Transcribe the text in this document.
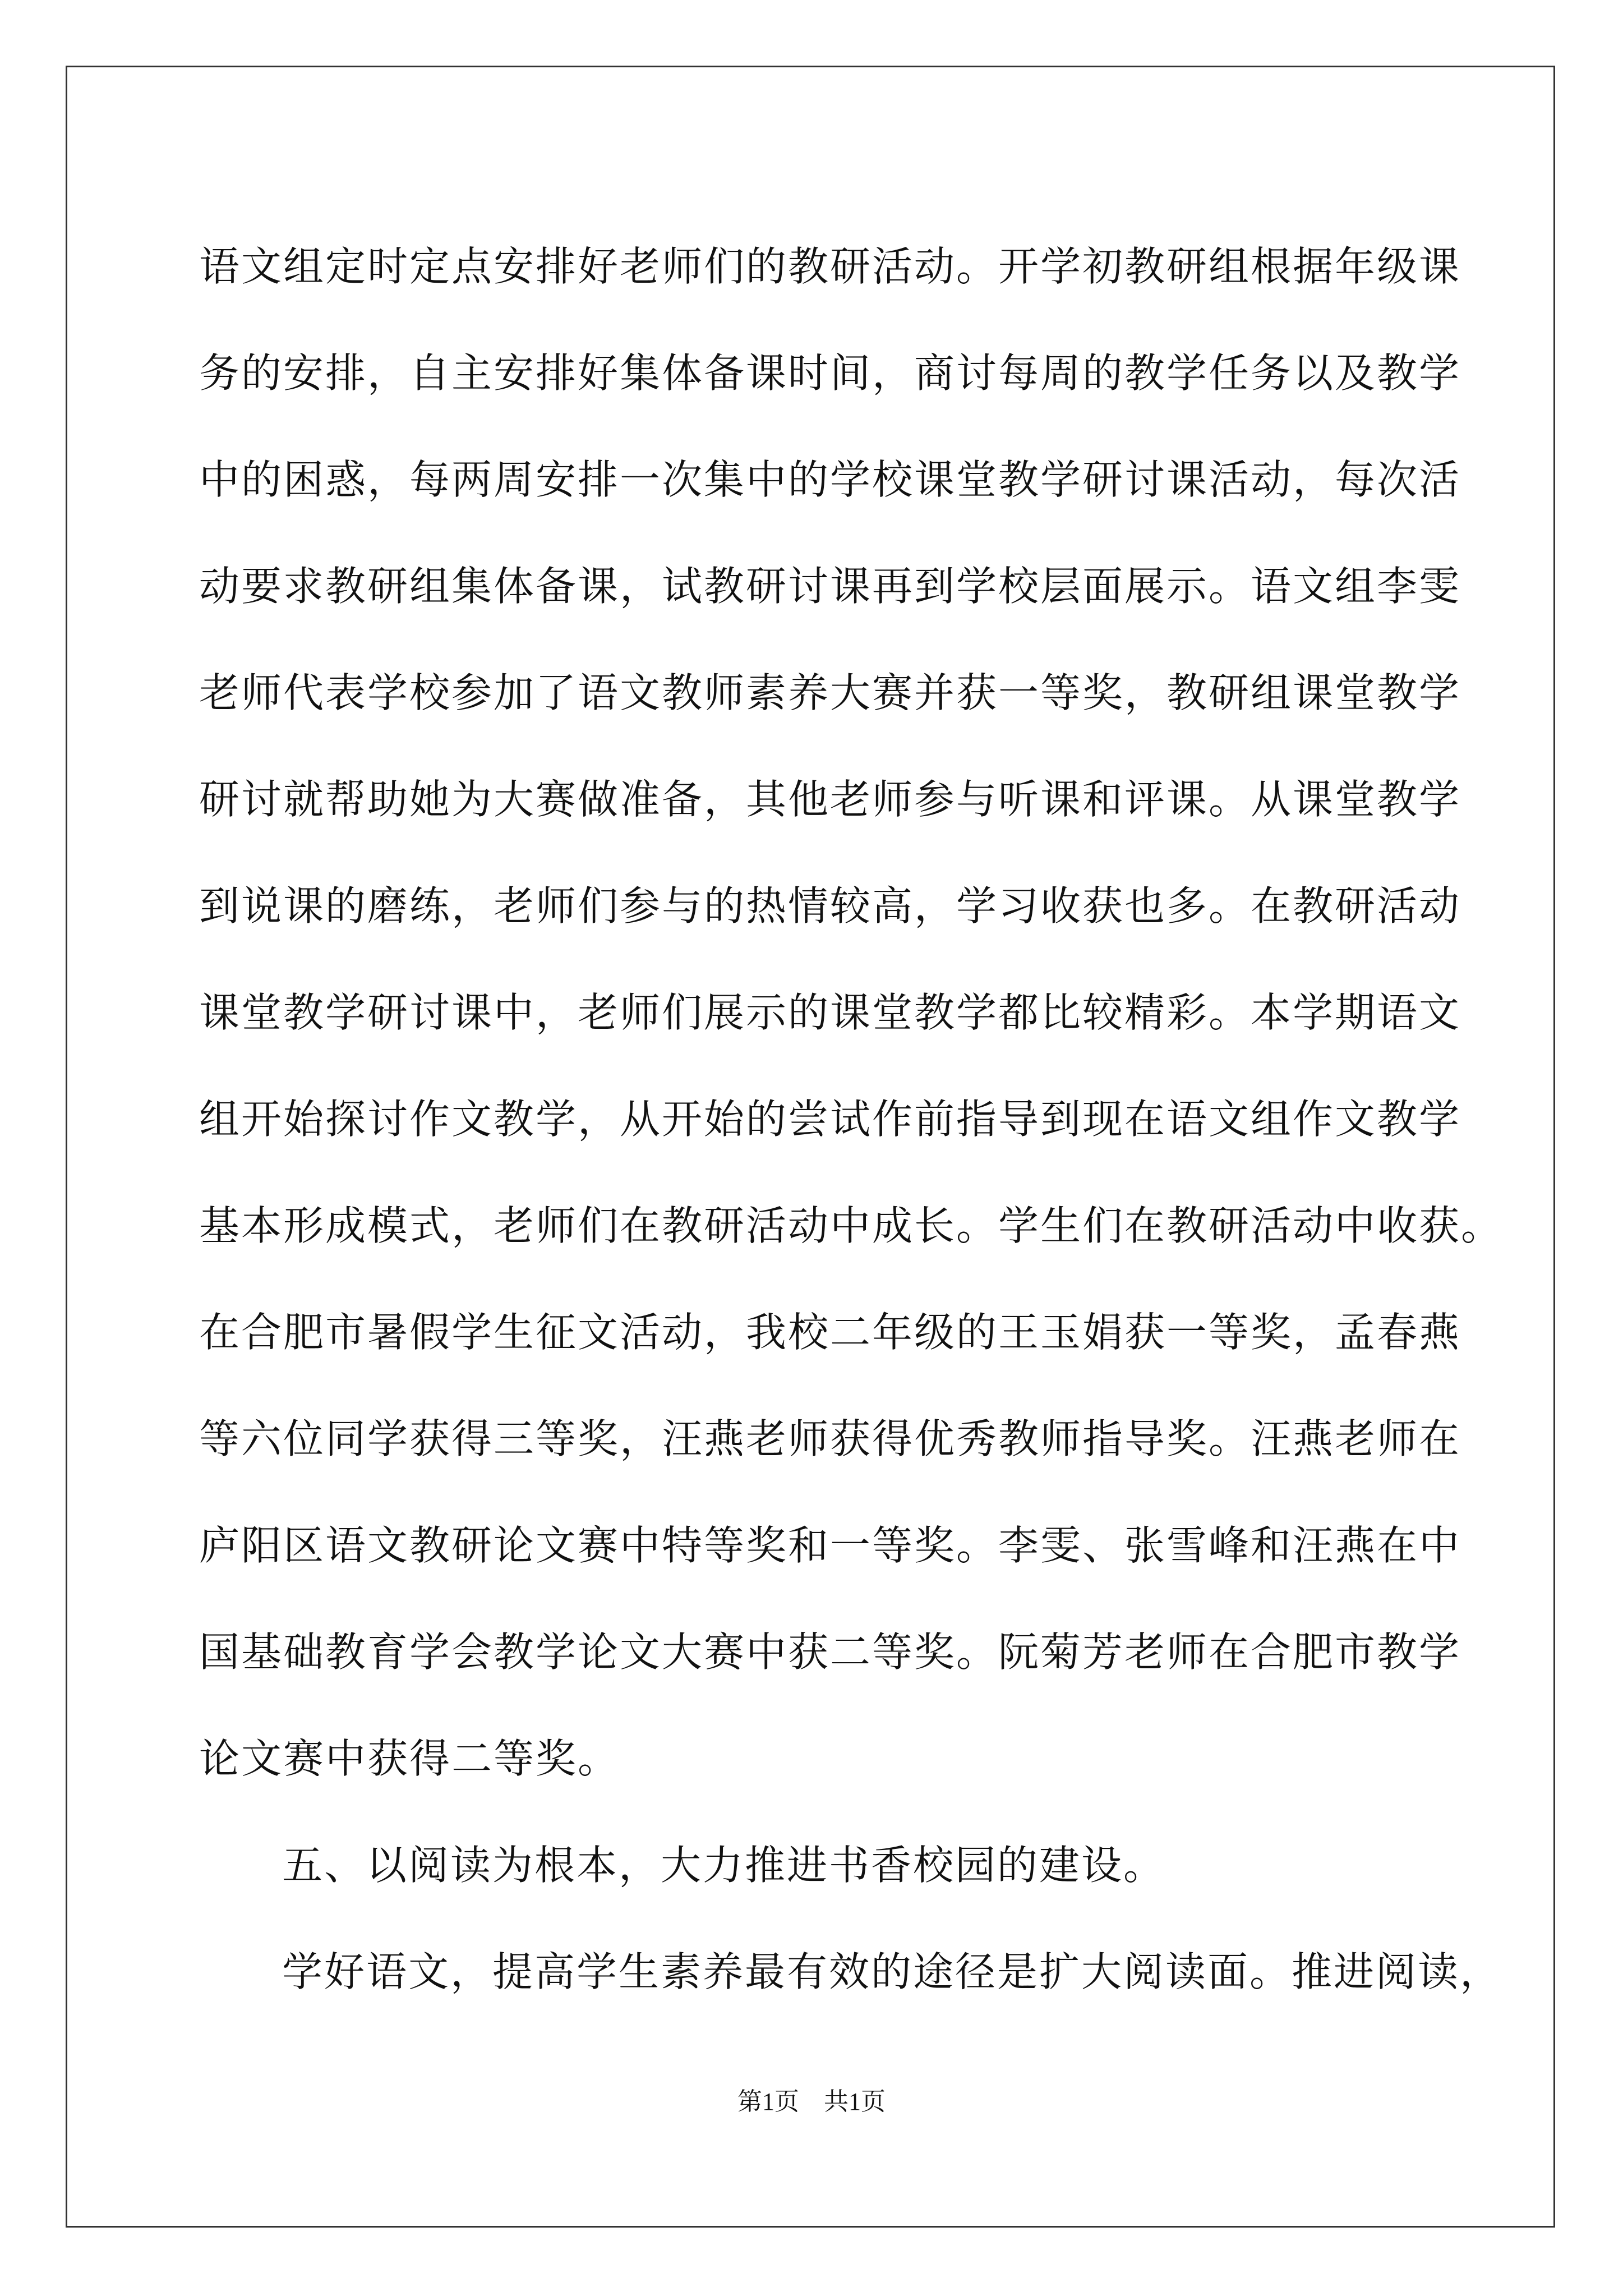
语文组定时定点安排好老师们的教研活动。开学初教研组根据年级课
务的安排，自主安排好集体备课时间，商讨每周的教学任务以及教学
中的困惑，每两周安排一次集中的学校课堂教学研讨课活动，每次活
动要求教研组集体备课，试教研讨课再到学校层面展示。语文组李雯
老师代表学校参加了语文教师素养大赛并获一等奖，教研组课堂教学
研讨就帮助她为大赛做准备，其他老师参与听课和评课。从课堂教学
到说课的磨练，老师们参与的热情较高，学习收获也多。在教研活动
课堂教学研讨课中，老师们展示的课堂教学都比较精彩。本学期语文
组开始探讨作文教学，从开始的尝试作前指导到现在语文组作文教学
基本形成模式，老师们在教研活动中成长。学生们在教研活动中收获。
在合肥市暑假学生征文活动，我校二年级的王玉娟获一等奖，孟春燕
等六位同学获得三等奖，汪燕老师获得优秀教师指导奖。汪燕老师在
庐阳区语文教研论文赛中特等奖和一等奖。李雯、张雪峰和汪燕在中
国基础教育学会教学论文大赛中获二等奖。阮菊芳老师在合肥市教学
论文赛中获得二等奖。
五、以阅读为根本，大力推进书香校园的建设。
学好语文，提高学生素养最有效的途径是扩大阅读面。推进阅读，
第1页　共1页
